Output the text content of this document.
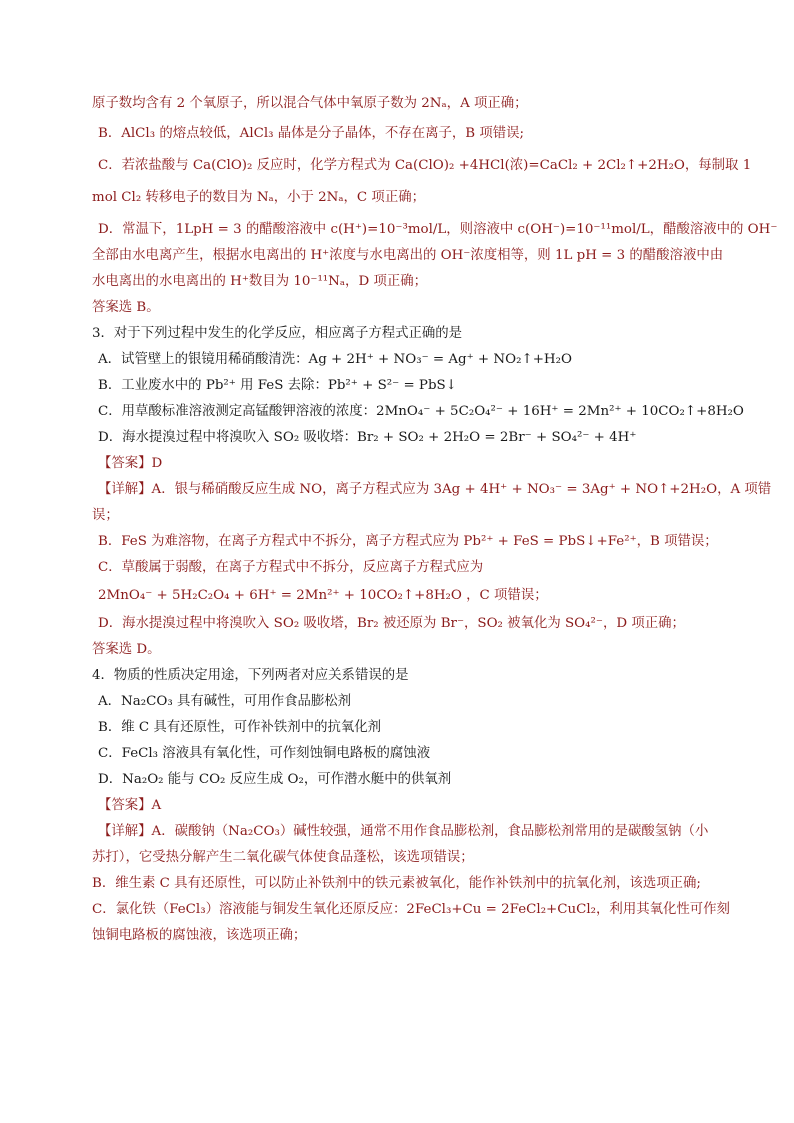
原子数均含有 2 个氧原子，所以混合气体中氧原子数为 2Nₐ，A 项正确；

B．AlCl₃ 的熔点较低，AlCl₃ 晶体是分子晶体，不存在离子，B 项错误;

C．若浓盐酸与 Ca(ClO)₂ 反应时，化学方程式为 Ca(ClO)₂ +4HCl(浓)=CaCl₂ + 2Cl₂↑+2H₂O，每制取 1

mol Cl₂ 转移电子的数目为 Nₐ，小于 2Nₐ，C 项正确；

D．常温下，1LpH = 3 的醋酸溶液中 c(H⁺)=10⁻³mol/L，则溶液中 c(OH⁻)=10⁻¹¹mol/L，醋酸溶液中的 OH⁻

全部由水电离产生，根据水电离出的 H⁺浓度与水电离出的 OH⁻浓度相等，则 1L pH = 3 的醋酸溶液中由

水电离出的水电离出的 H⁺数目为 10⁻¹¹Nₐ，D 项正确；

答案选 B。

3．对于下列过程中发生的化学反应，相应离子方程式正确的是

A．试管壁上的银镜用稀硝酸清洗：Ag + 2H⁺ + NO₃⁻ = Ag⁺ + NO₂↑+H₂O

B．工业废水中的 Pb²⁺ 用 FeS 去除：Pb²⁺ + S²⁻ = PbS↓

C．用草酸标准溶液测定高锰酸钾溶液的浓度：2MnO₄⁻ + 5C₂O₄²⁻ + 16H⁺ = 2Mn²⁺ + 10CO₂↑+8H₂O

D．海水提溴过程中将溴吹入 SO₂ 吸收塔：Br₂ + SO₂ + 2H₂O = 2Br⁻ + SO₄²⁻ + 4H⁺

【答案】D

【详解】A．银与稀硝酸反应生成 NO，离子方程式应为 3Ag + 4H⁺ + NO₃⁻ = 3Ag⁺ + NO↑+2H₂O，A 项错

误；

B．FeS 为难溶物，在离子方程式中不拆分，离子方程式应为 Pb²⁺ + FeS = PbS↓+Fe²⁺，B 项错误；

C．草酸属于弱酸，在离子方程式中不拆分，反应离子方程式应为

2MnO₄⁻ + 5H₂C₂O₄ + 6H⁺ = 2Mn²⁺ + 10CO₂↑+8H₂O ，C 项错误；

D．海水提溴过程中将溴吹入 SO₂ 吸收塔，Br₂ 被还原为 Br⁻，SO₂ 被氧化为 SO₄²⁻，D 项正确；

答案选 D。

4．物质的性质决定用途，下列两者对应关系错误的是

A．Na₂CO₃ 具有碱性，可用作食品膨松剂

B．维 C 具有还原性，可作补铁剂中的抗氧化剂

C．FeCl₃ 溶液具有氧化性，可作刻蚀铜电路板的腐蚀液

D．Na₂O₂ 能与 CO₂ 反应生成 O₂，可作潜水艇中的供氧剂

【答案】A

【详解】A．碳酸钠（Na₂CO₃）碱性较强，通常不用作食品膨松剂，食品膨松剂常用的是碳酸氢钠（小

苏打），它受热分解产生二氧化碳气体使食品蓬松，该选项错误；

B．维生素 C 具有还原性，可以防止补铁剂中的铁元素被氧化，能作补铁剂中的抗氧化剂，该选项正确;

C．氯化铁（FeCl₃）溶液能与铜发生氧化还原反应：2FeCl₃+Cu = 2FeCl₂+CuCl₂，利用其氧化性可作刻

蚀铜电路板的腐蚀液，该选项正确；
